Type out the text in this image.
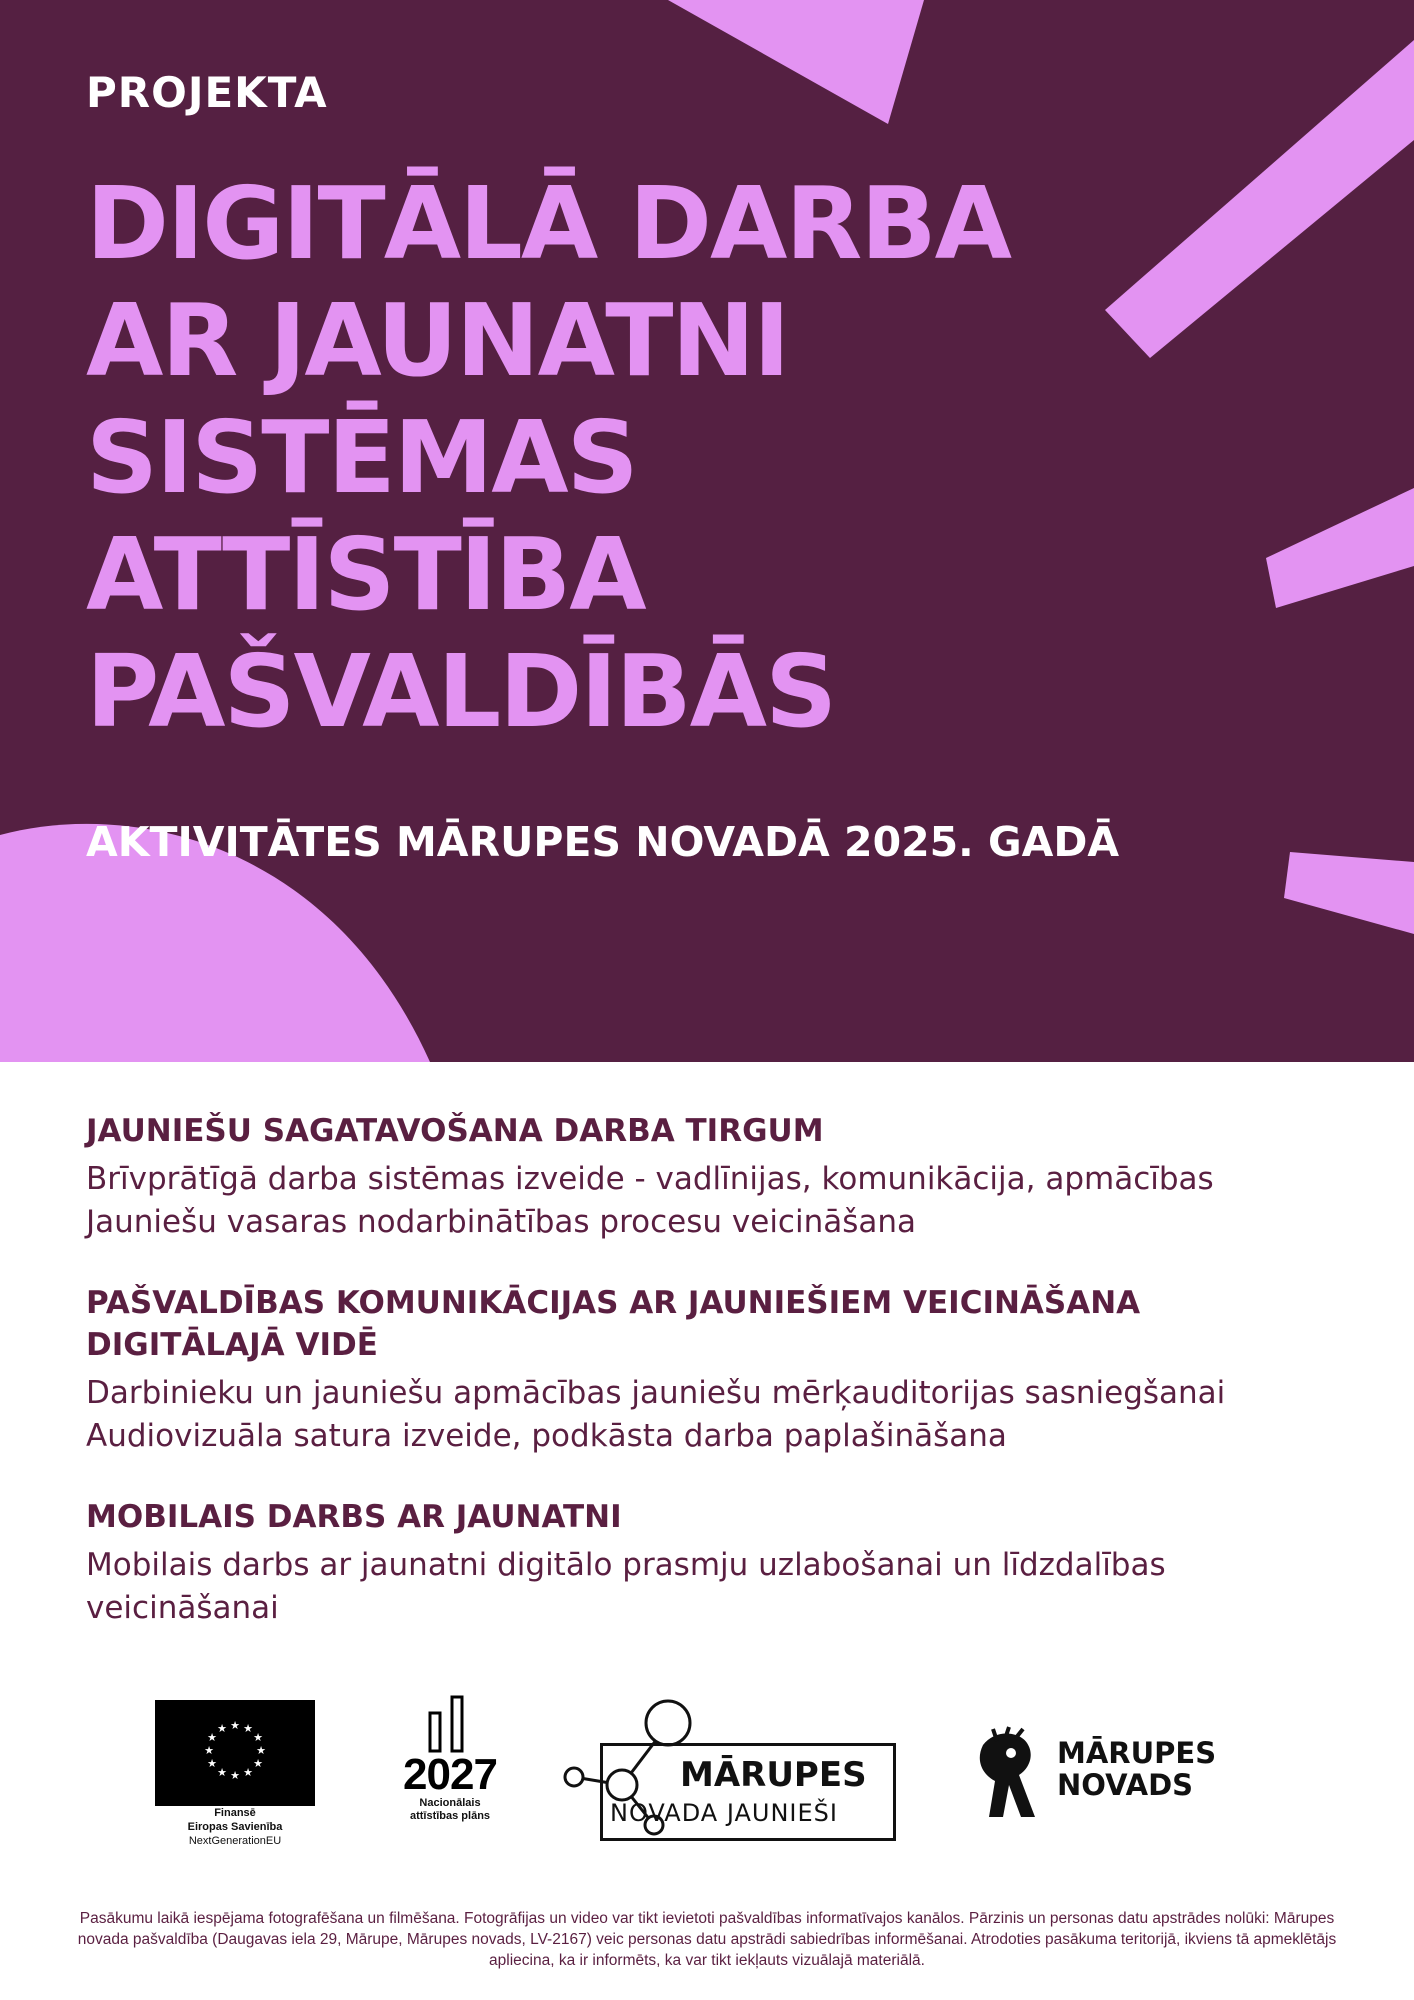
PROJEKTA

DIGITĀLĀ DARBA
AR JAUNATNI
SISTĒMAS
ATTĪSTĪBA
PAŠVALDĪBĀS

AKTIVITĀTES MĀRUPES NOVADĀ 2025. GADĀ

JAUNIEŠU SAGATAVOŠANA DARBA TIRGUM

Brīvprātīgā darba sistēmas izveide - vadlīnijas, komunikācija, apmācības

Jauniešu vasaras nodarbinātības procesu veicināšana

PAŠVALDĪBAS KOMUNIKĀCIJAS AR JAUNIEŠIEM VEICINĀŠANA DIGITĀLAJĀ VIDĒ

Darbinieku un jauniešu apmācības jauniešu mērķauditorijas sasniegšanai

Audiovizuāla satura izveide, podkāsta darba paplašināšana

MOBILAIS DARBS AR JAUNATNI

Mobilais darbs ar jaunatni digitālo prasmju uzlabošanai un līdzdalības veicināšanai

★ ★
★
★
★
★
★
★
★
★
★
★
Finansē
Eiropas Savienība
NextGenerationEU
2027
Nacionālais
attīstības plāns
MĀRUPES
NOVADA JAUNIEŠI
MĀRUPES
NOVADS

Pasākumu laikā iespējama fotografēšana un filmēšana. Fotogrāfijas un video var tikt ievietoti pašvaldības informatīvajos kanālos. Pārzinis un personas datu apstrādes nolūki: Mārupes novada pašvaldība (Daugavas iela 29, Mārupe, Mārupes novads, LV-2167) veic personas datu apstrādi sabiedrības informēšanai. Atrodoties pasākuma teritorijā, ikviens tā apmeklētājs apliecina, ka ir informēts, ka var tikt iekļauts vizuālajā materiālā.
